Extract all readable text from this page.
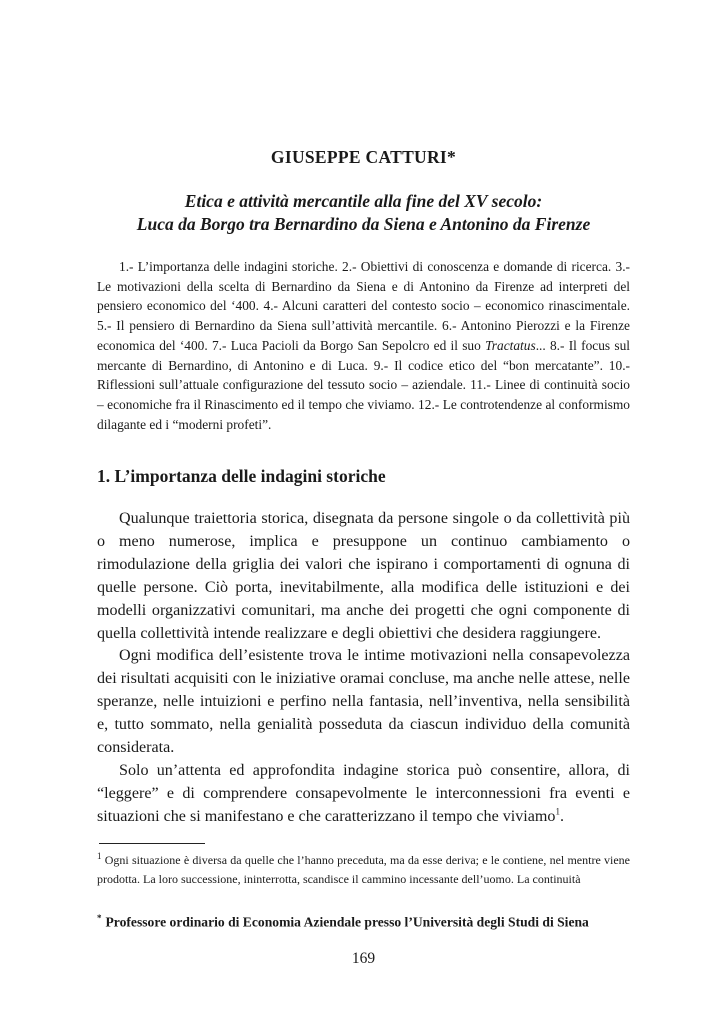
GIUSEPPE CATTURI*
Etica e attività mercantile alla fine del XV secolo:
Luca da Borgo tra Bernardino da Siena e Antonino da Firenze
1.- L’importanza delle indagini storiche. 2.- Obiettivi di conoscenza e domande di ricerca. 3.- Le motivazioni della scelta di Bernardino da Siena e di Antonino da Firenze ad interpreti del pensiero economico del ‘400. 4.- Alcuni caratteri del contesto socio – economico rinascimentale. 5.- Il pensiero di Bernardino da Siena sull’attività mercantile. 6.- Antonino Pierozzi e la Firenze economica del ‘400. 7.- Luca Pacioli da Borgo San Sepolcro ed il suo Tractatus... 8.- Il focus sul mercante di Bernardino, di Antonino e di Luca. 9.- Il codice etico del “bon mercatante”. 10.- Riflessioni sull’attuale configurazione del tessuto socio – aziendale. 11.- Linee di continuità socio – economiche fra il Rinascimento ed il tempo che viviamo. 12.- Le controtendenze al conformismo dilagante ed i “moderni profeti”.
1. L’importanza delle indagini storiche

Qualunque traiettoria storica, disegnata da persone singole o da collettività più o meno numerose, implica e presuppone un continuo cambiamento o rimodulazione della griglia dei valori che ispirano i comportamenti di ognuna di quelle persone. Ciò porta, inevitabilmente, alla modifica delle istituzioni e dei modelli organizzativi comunitari, ma anche dei progetti che ogni componente di quella collettività intende realizzare e degli obiettivi che desidera raggiungere.

Ogni modifica dell’esistente trova le intime motivazioni nella consapevolezza dei risultati acquisiti con le iniziative oramai concluse, ma anche nelle attese, nelle speranze, nelle intuizioni e perfino nella fantasia, nell’inventiva, nella sensibilità e, tutto sommato, nella genialità posseduta da ciascun individuo della comunità considerata.

Solo un’attenta ed approfondita indagine storica può consentire, allora, di “leggere” e di comprendere consapevolmente le interconnessioni fra eventi e situazioni che si manifestano e che caratterizzano il tempo che viviamo$^1$.

$^1$ Ogni situazione è diversa da quelle che l’hanno preceduta, ma da esse deriva; e le contiene, nel mentre viene prodotta. La loro successione, ininterrotta, scandisce il cammino incessante dell’uomo. La continuità
* Professore ordinario di Economia Aziendale presso l’Università degli Studi di Siena
169
